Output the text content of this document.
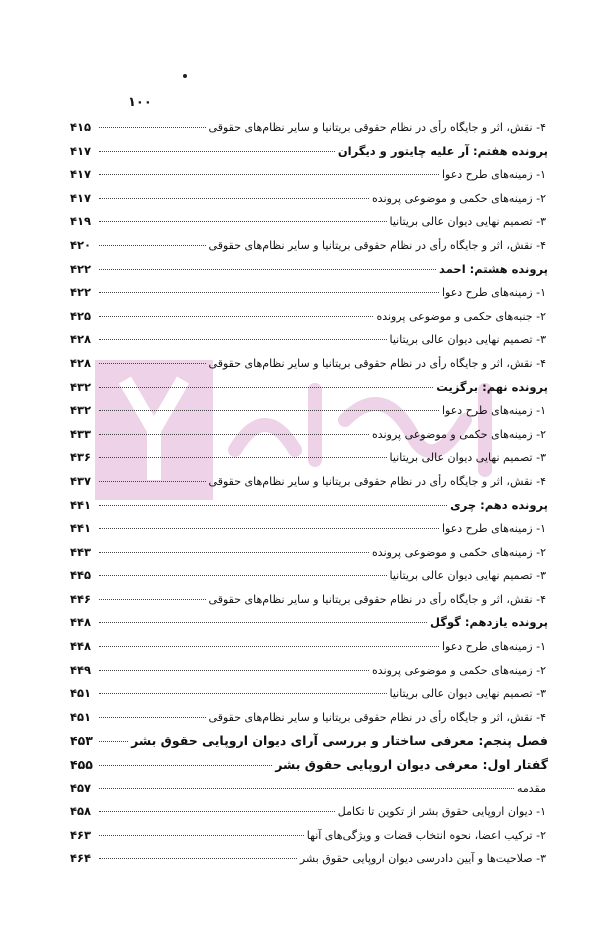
۱۰۰
۴- نقش، اثر و جایگاه رأی در نظام حقوقی بریتانیا و سایر نظام‌های حقوقی
۴۱۵
پرونده هفتم: آر علیه چایتور و دیگران
۴۱۷
۱- زمینه‌های طرح دعوا
۴۱۷
۲- زمینه‌های حکمی و موضوعی پرونده
۴۱۷
۳- تصمیم نهایی دیوان عالی بریتانیا
۴۱۹
۴- نقش، اثر و جایگاه رأی در نظام حقوقی بریتانیا و سایر نظام‌های حقوقی
۴۲۰
پرونده هشتم: احمد
۴۲۲
۱- زمینه‌های طرح دعوا
۴۲۲
۲- جنبه‌های حکمی و موضوعی پرونده
۴۲۵
۳- تصمیم نهایی دیوان عالی بریتانیا
۴۲۸
۴- نقش، اثر و جایگاه رأی در نظام حقوقی بریتانیا و سایر نظام‌های حقوقی
۴۲۸
پرونده نهم: برگزیت
۴۳۲
۱- زمینه‌های طرح دعوا
۴۳۲
۲- زمینه‌های حکمی و موضوعی پرونده
۴۳۳
۳- تصمیم نهایی دیوان عالی بریتانیا
۴۳۶
۴- نقش، اثر و جایگاه رأی در نظام حقوقی بریتانیا و سایر نظام‌های حقوقی
۴۳۷
پرونده دهم: چری
۴۴۱
۱- زمینه‌های طرح دعوا
۴۴۱
۲- زمینه‌های حکمی و موضوعی پرونده
۴۴۳
۳- تصمیم نهایی دیوان عالی بریتانیا
۴۴۵
۴- نقش، اثر و جایگاه رأی در نظام حقوقی بریتانیا و سایر نظام‌های حقوقی
۴۴۶
پرونده یازدهم: گوگل
۴۴۸
۱- زمینه‌های طرح دعوا
۴۴۸
۲- زمینه‌های حکمی و موضوعی پرونده
۴۴۹
۳- تصمیم نهایی دیوان عالی بریتانیا
۴۵۱
۴- نقش، اثر و جایگاه رأی در نظام حقوقی بریتانیا و سایر نظام‌های حقوقی
۴۵۱
فصل پنجم: معرفی ساختار و بررسی آرای دیوان اروپایی حقوق بشر
۴۵۳
گفتار اول: معرفی دیوان اروپایی حقوق بشر
۴۵۵
مقدمه
۴۵۷
۱- دیوان اروپایی حقوق بشر از تکوین تا تکامل
۴۵۸
۲- ترکیب اعضا، نحوه انتخاب قضات و ویژگی‌های آنها
۴۶۳
۳- صلاحیت‌ها و آیین دادرسی دیوان اروپایی حقوق بشر
۴۶۴
